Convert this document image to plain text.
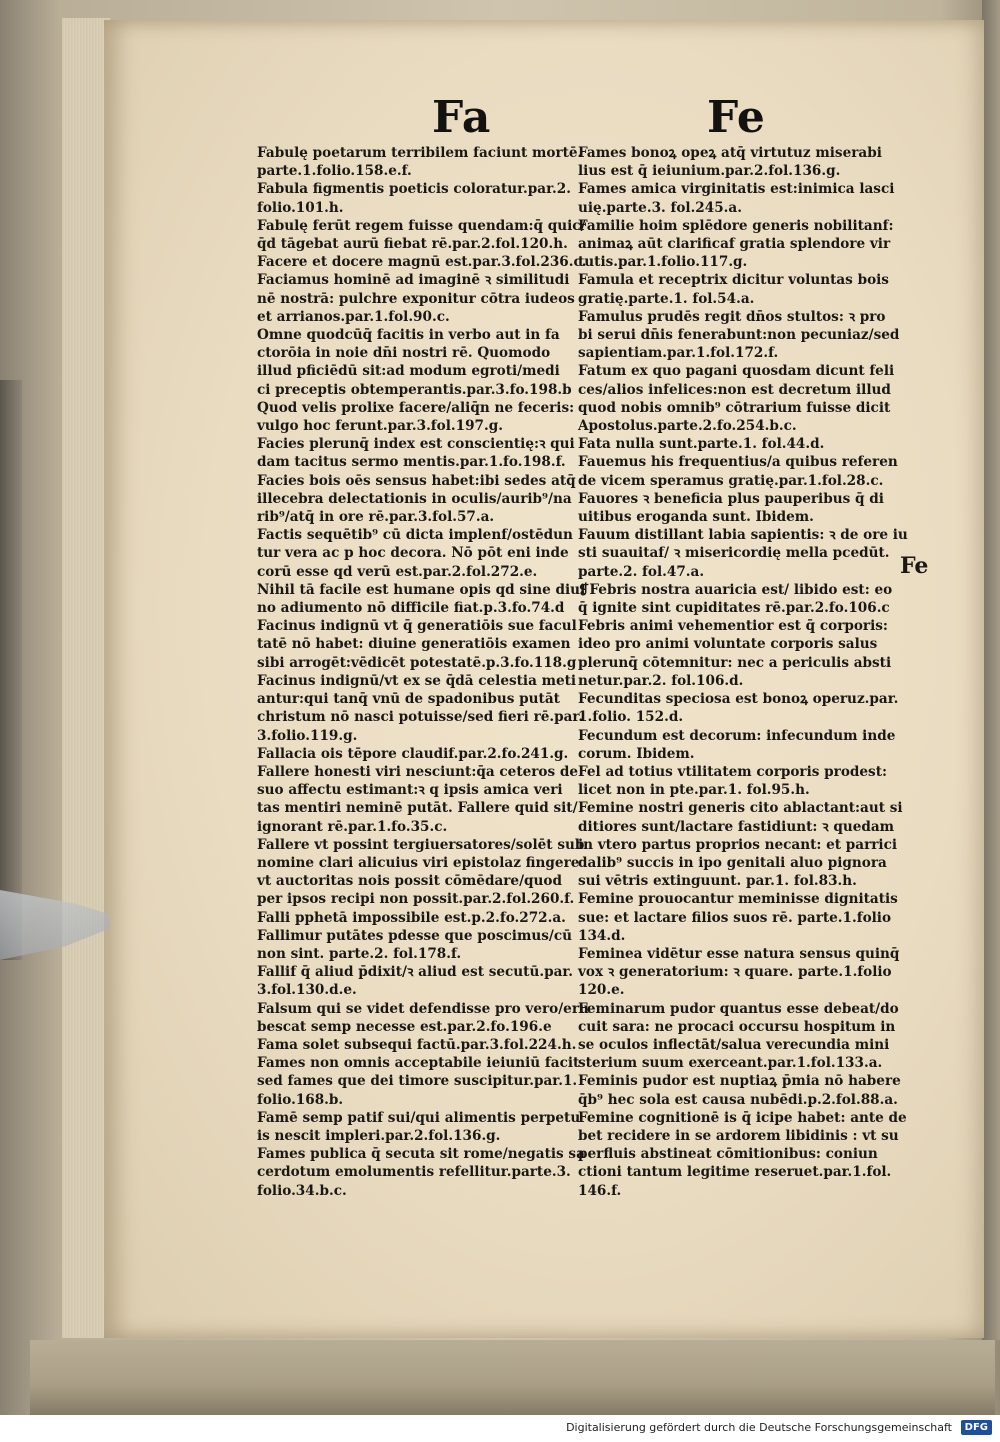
Fa	Fe
Fabulę poetarum terribilem faciunt mortē.
parte.1.folio.158.e.f.
Fabula figmentis poeticis coloratur.par.2.
folio.101.h.
Fabulę ferūt regem fuisse quendam:q̄ quic/
q̄d tāgebat aurū fiebat rē.par.2.fol.120.h.
Facere et docere magnū est.par.3.fol.236.c.
Faciamus hominē ad imaginē ꝛ similitudi
nē nostrā: pulchre exponitur cōtra iudeos
et arrianos.par.1.fol.90.c.
Omne quodcūq̄ facitis in verbo aut in fa
ctorōia in noie dn̄i nostri rē. Quomodo
illud pficiēdū sit:ad modum egroti/medi
ci preceptis obtemperantis.par.3.fo.198.b
Quod velis prolixe facere/aliq̄n ne feceris:
vulgo hoc ferunt.par.3.fol.197.g.
Facies plerunq̄ index est conscientię:ꝛ qui
dam tacitus sermo mentis.par.1.fo.198.f.
Facies bois oēs sensus habet:ibi sedes atq̄
illecebra delectationis in oculis/aurib⁹/na
rib⁹/atq̄ in ore rē.par.3.fol.57.a.
Factis sequētib⁹ cū dicta implenf/ostēdun
tur vera ac p hoc decora. Nō pōt eni inde
corū esse qd verū est.par.2.fol.272.e.
Nihil tā facile est humane opis qd sine diui
no adiumento nō difficile fiat.p.3.fo.74.d
Facinus indignū vt q̄ generatiōis sue facul
tatē nō habet: diuine generatiōis examen
sibi arrogēt:vēdicēt potestatē.p.3.fo.118.g
Facinus indignū/vt ex se q̄dā celestia meti
antur:qui tanq̄ vnū de spadonibus putāt
christum nō nasci potuisse/sed fieri rē.par.
3.folio.119.g.
Fallacia ois tēpore claudif.par.2.fo.241.g.
Fallere honesti viri nesciunt:q̄a ceteros de
suo affectu estimant:ꝛ q ipsis amica veri
tas mentiri neminē putāt. Fallere quid sit/
ignorant rē.par.1.fo.35.c.
Fallere vt possint tergiuersatores/solēt sub
nomine clari alicuius viri epistolaz fingere
vt auctoritas nois possit cōmēdare/quod
per ipsos recipi non possit.par.2.fol.260.f.
Falli pphetā impossibile est.p.2.fo.272.a.
Fallimur putātes pdesse que poscimus/cū
non sint. parte.2. fol.178.f.
Fallif q̄ aliud p̄dixit/ꝛ aliud est secutū.par.
3.fol.130.d.e.
Falsum qui se videt defendisse pro vero/eru
bescat semp necesse est.par.2.fo.196.e
Fama solet subsequi factū.par.3.fol.224.h.
Fames non omnis acceptabile ieiuniū facit
sed fames que dei timore suscipitur.par.1.
folio.168.b.
Famē semp patif sui/qui alimentis perpetu
is nescit impleri.par.2.fol.136.g.
Fames publica q̄ secuta sit rome/negatis sa
cerdotum emolumentis refellitur.parte.3.
folio.34.b.c.
Fames bonoꝝ opeꝝ atq̄ virtutuz miserabi
lius est q̄ ieiunium.par.2.fol.136.g.
Fames amica virginitatis est:inimica lasci
uię.parte.3. fol.245.a.
Familie hoim splēdore generis nobilitanf:
animaꝝ aūt clarificaf gratia splendore vir
tutis.par.1.folio.117.g.
Famula et receptrix dicitur voluntas bois
gratię.parte.1. fol.54.a.
Famulus prudēs regit dn̄os stultos: ꝛ pro
bi serui dn̄is fenerabunt:non pecuniaz/sed
sapientiam.par.1.fol.172.f.
Fatum ex quo pagani quosdam dicunt feli
ces/alios infelices:non est decretum illud
quod nobis omnib⁹ cōtrarium fuisse dicit
Apostolus.parte.2.fo.254.b.c.
Fata nulla sunt.parte.1. fol.44.d.
Fauemus his frequentius/a quibus referen
de vicem speramus gratię.par.1.fol.28.c.
Fauores ꝛ beneficia plus pauperibus q̄ di
uitibus eroganda sunt. Ibidem.
Fauum distillant labia sapientis: ꝛ de ore iu
sti suauitaf/ ꝛ misericordię mella pcedūt.
parte.2. fol.47.a.
❡Febris nostra auaricia est/ libido est: eo
q̄ ignite sint cupiditates rē.par.2.fo.106.c
Febris animi vehementior est q̄ corporis:
ideo pro animi voluntate corporis salus
plerunq̄ cōtemnitur: nec a periculis absti
netur.par.2. fol.106.d.
Fecunditas speciosa est bonoꝝ operuz.par.
1.folio. 152.d.
Fecundum est decorum: infecundum inde
corum. Ibidem.
Fel ad totius vtilitatem corporis prodest:
licet non in pte.par.1. fol.95.h.
Femine nostri generis cito ablactant:aut si
ditiores sunt/lactare fastidiunt: ꝛ quedam
in vtero partus proprios necant: et parrici
dalib⁹ succis in ipo genitali aluo pignora
sui vētris extinguunt. par.1. fol.83.h.
Femine prouocantur meminisse dignitatis
sue: et lactare filios suos rē. parte.1.folio
134.d.
Feminea vidētur esse natura sensus quinq̄
vox ꝛ generatorium: ꝛ quare. parte.1.folio
120.e.
Feminarum pudor quantus esse debeat/do
cuit sara: ne procaci occursu hospitum in
se oculos inflectāt/salua verecundia mini
sterium suum exerceant.par.1.fol.133.a.
Feminis pudor est nuptiaꝝ p̄mia nō habere
q̄b⁹ hec sola est causa nubēdi.p.2.fol.88.a.
Femine cognitionē is q̄ icipe habet: ante de
bet recidere in se ardorem libidinis : vt su
perfluis abstineat cōmitionibus: coniun
ctioni tantum legitime reseruet.par.1.fol.
146.f.
Fe
Digitalisierung gefördert durch die Deutsche Forschungsgemeinschaft	DFG
